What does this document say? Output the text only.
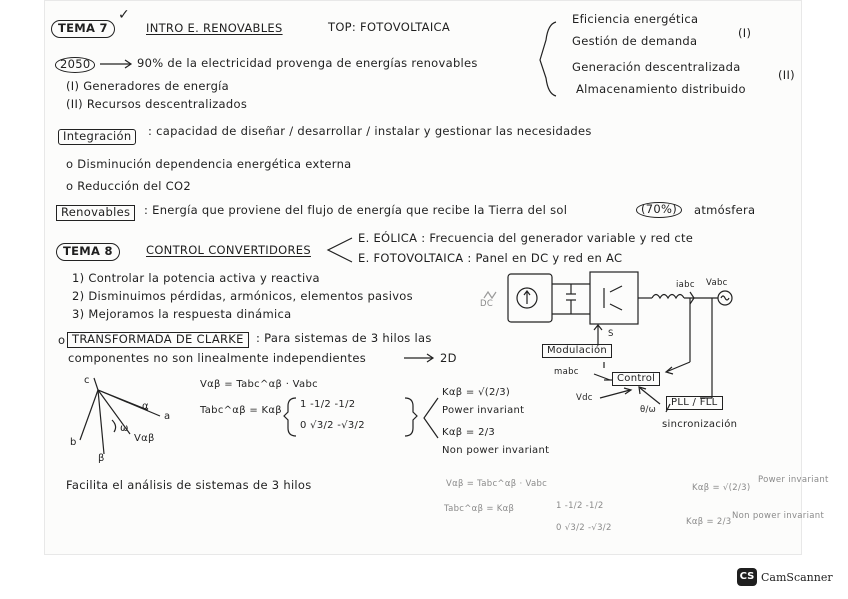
TEMA 7
✓
INTRO E. RENOVABLES	TOP: FOTOVOLTAICA
Eficiencia energética
Gestión de demanda
(I)
Generación descentralizada
Almacenamiento distribuido
(II)
2050	90% de la electricidad provenga de energías renovables
(I) Generadores de energía
(II) Recursos descentralizados
Integración	: capacidad de diseñar / desarrollar / instalar y gestionar las necesidades
o Disminución dependencia energética externa
o Reducción del CO2
Renovables	: Energía que proviene del flujo de energía que recibe la Tierra del sol	(70%)	atmósfera
TEMA 8	CONTROL CONVERTIDORES
E. EÓLICA : Frecuencia del generador variable y red cte
E. FOTOVOLTAICA : Panel en DC y red en AC
1) Controlar la potencia activa y reactiva
2) Disminuimos pérdidas, armónicos, elementos pasivos
3) Mejoramos la respuesta dinámica
o TRANSFORMADA DE CLARKE	: Para sistemas de 3 hilos las
componentes no son linealmente independientes	2D
c
a
b
α
β
ω
Vαβ
Vαβ = Tabc^αβ · Vabc
Tabc^αβ = Kαβ
1 -1/2 -1/2
0 √3/2 -√3/2
Kαβ = √(2/3)
Power invariant
Kαβ = 2/3
Non power invariant
Facilita el análisis de sistemas de 3 hilos
iabc Vabc
S
Modulación
mabc
Control
Vdc
θ/ω
PLL / FLL
sincronización
DC
Vαβ = Tabc^αβ · Vabc
Tabc^αβ = Kαβ	1 -1/2 -1/2
0 √3/2 -√3/2
Kαβ = √(2/3)
Power invariant
Kαβ = 2/3
Non power invariant
CS CamScanner
